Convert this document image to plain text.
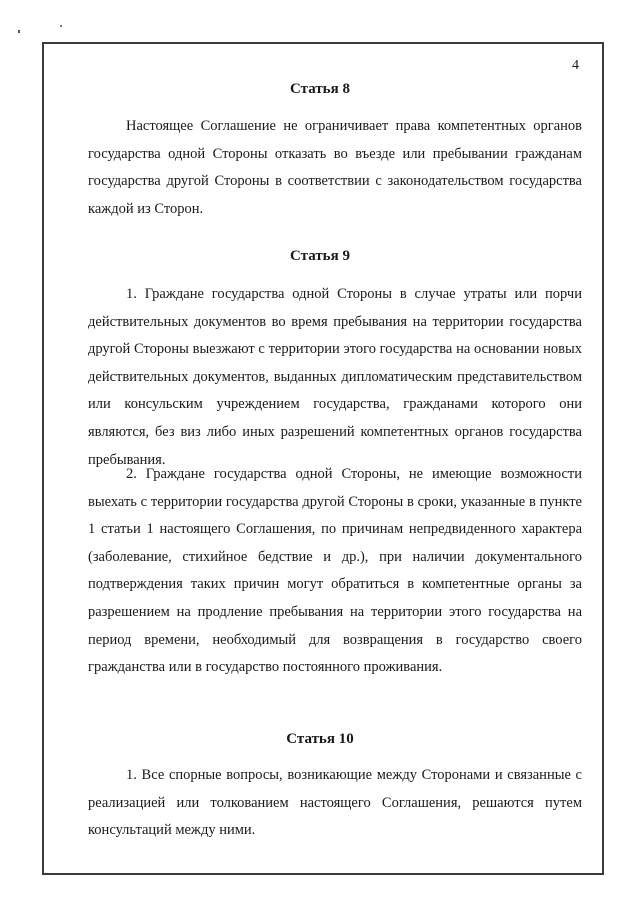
4
Статья 8

Настоящее Соглашение не ограничивает права компетентных органов государства одной Стороны отказать во въезде или пребывании гражданам государства другой Стороны в соответствии с законодательством государства каждой из Сторон.

Статья 9

1. Граждане государства одной Стороны в случае утраты или порчи действительных документов во время пребывания на территории государства другой Стороны выезжают с территории этого государства на основании новых действительных документов, выданных дипломатическим представительством или консульским учреждением государства, гражданами которого они являются, без виз либо иных разрешений компетентных органов государства пребывания.

2. Граждане государства одной Стороны, не имеющие возможности выехать с территории государства другой Стороны в сроки, указанные в пункте 1 статьи 1 настоящего Соглашения, по причинам непредвиденного характера (заболевание, стихийное бедствие и др.), при наличии документального подтверждения таких причин могут обратиться в компетентные органы за разрешением на продление пребывания на территории этого государства на период времени, необходимый для возвращения в государство своего гражданства или в государство постоянного проживания.

Статья 10

1. Все спорные вопросы, возникающие между Сторонами и связанные с реализацией или толкованием настоящего Соглашения, решаются путем консультаций между ними.
